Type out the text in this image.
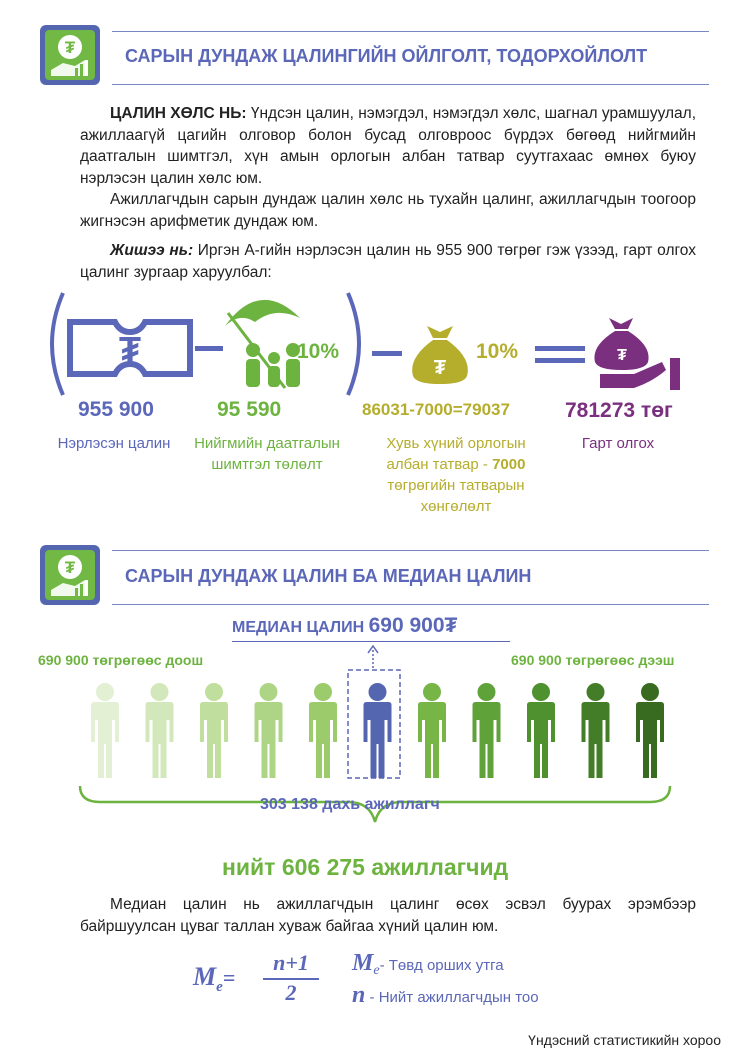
₮	САРЫН ДУНДАЖ ЦАЛИНГИЙН ОЙЛГОЛТ, ТОДОРХОЙЛОЛТ
ЦАЛИН ХӨЛС НЬ: Үндсэн цалин, нэмэгдэл, нэмэгдэл хөлс, шагнал урамшуулал, ажиллаагүй цагийн олговор болон бусад олговроос бүрдэх бөгөөд нийгмийн даатгалын шимтгэл, хүн амын орлогын албан татвар суутгахаас өмнөх буюу нэрлэсэн цалин хөлс юм.
Ажиллагчдын сарын дундаж цалин хөлс нь тухайн цалинг, ажиллагчдын тоогоор жигнэсэн арифметик дундаж юм.
Жишээ нь: Иргэн А-гийн нэрлэсэн цалин нь 955 900 төгрөг гэж үзээд, гарт олгох цалинг зургаар харуулбал:
₮	10%
₮
₮
10%
955 900	95 590	86031-7000=79037	781273 төг
Нэрлэсэн цалин	Нийгмийн даатгалын шимтгэл төлөлт
Хувь хүний орлогын албан татвар - 7000 төгрөгийн татварын хөнгөлөлт
Гарт олгох
₮	САРЫН ДУНДАЖ ЦАЛИН БА МЕДИАН ЦАЛИН
МЕДИАН ЦАЛИН 690 900₮
690 900 төгрөгөөс доош	690 900 төгрөгөөс дээш
303 138 дахь ажиллагч
нийт 606 275 ажиллагчид
Медиан цалин нь ажиллагчдын цалинг өсөх эсвэл буурах эрэмбээр байршуулсан цуваг таллан хуваж байгаа хүний цалин юм.
$M_e=$
n+1
2
$M_e-$ Төвд орших утга
n - Нийт ажиллагчдын тоо
Үндэсний статистикийн хороо
